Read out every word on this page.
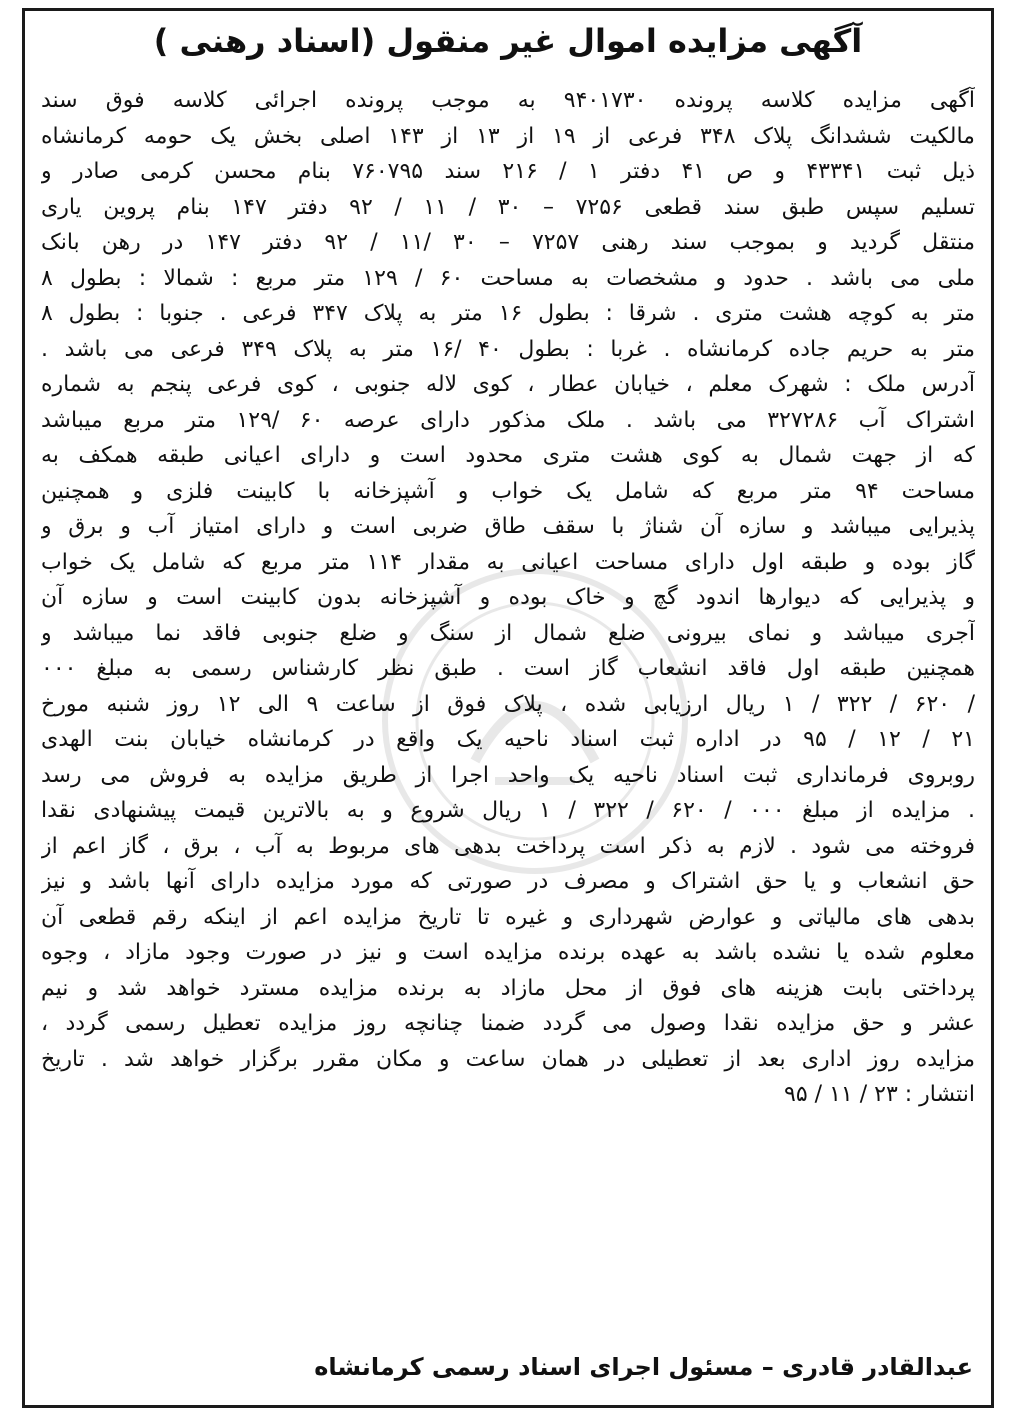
آگهی مزایده اموال غیر منقول (اسناد رهنی )
آگهی مزایده کلاسه پرونده ۹۴۰۱۷۳۰ به موجب پرونده اجرائی کلاسه فوق سند
مالکیت ششدانگ پلاک ۳۴۸ فرعی از ۱۹ از ۱۳ از ۱۴۳ اصلی بخش یک حومه کرمانشاه
ذیل ثبت ۴۳۳۴۱ و ص ۴۱ دفتر ۱ / ۲۱۶ سند ۷۶۰۷۹۵ بنام محسن کرمی صادر و
تسلیم سپس طبق سند قطعی ۷۲۵۶ – ۳۰ / ۱۱ / ۹۲ دفتر ۱۴۷ بنام پروین یاری
منتقل گردید و بموجب سند رهنی ۷۲۵۷ – ۳۰ /۱۱ / ۹۲ دفتر ۱۴۷ در رهن بانک
ملی می باشد . حدود و مشخصات به مساحت ۶۰ / ۱۲۹ متر مربع : شمالا : بطول ۸
متر به کوچه هشت متری . شرقا : بطول ۱۶ متر به پلاک ۳۴۷ فرعی . جنوبا : بطول ۸
متر به حریم جاده کرمانشاه . غربا : بطول ۴۰ /۱۶ متر به پلاک ۳۴۹ فرعی می باشد .
آدرس ملک : شهرک معلم ، خیابان عطار ، کوی لاله جنوبی ، کوی فرعی پنجم به شماره
اشتراک آب ۳۲۷۲۸۶ می باشد . ملک مذکور دارای عرصه ۶۰ /۱۲۹ متر مربع میباشد
که از جهت شمال به کوی هشت متری محدود است و دارای اعیانی طبقه همکف به
مساحت ۹۴ متر مربع که شامل یک خواب و آشپزخانه با کابینت فلزی و همچنین
پذیرایی میباشد و سازه آن شناژ با سقف طاق ضربی است و دارای امتیاز آب و برق و
گاز بوده و طبقه اول دارای مساحت اعیانی به مقدار ۱۱۴ متر مربع که شامل یک خواب
و پذیرایی که دیوارها اندود گچ و خاک بوده و آشپزخانه بدون کابینت است و سازه آن
آجری میباشد و نمای بیرونی ضلع شمال از سنگ و ضلع جنوبی فاقد نما میباشد و
همچنین طبقه اول فاقد انشعاب گاز است . طبق نظر کارشناس رسمی به مبلغ ۰۰۰
/ ۶۲۰ / ۳۲۲ / ۱ ریال ارزیابی شده ، پلاک فوق از ساعت ۹ الی ۱۲ روز شنبه مورخ
۲۱ / ۱۲ / ۹۵ در اداره ثبت اسناد ناحیه یک واقع در کرمانشاه خیابان بنت الهدی
روبروی فرمانداری ثبت اسناد ناحیه یک واحد اجرا از طریق مزایده به فروش می رسد
. مزایده از مبلغ ۰۰۰ / ۶۲۰ / ۳۲۲ / ۱ ریال شروع و به بالاترین قیمت پیشنهادی نقدا
فروخته می شود . لازم به ذکر است پرداخت بدهی های مربوط به آب ، برق ، گاز اعم از
حق انشعاب و یا حق اشتراک و مصرف در صورتی که مورد مزایده دارای آنها باشد و نیز
بدهی های مالیاتی و عوارض شهرداری و غیره تا تاریخ مزایده اعم از اینکه رقم قطعی آن
معلوم شده یا نشده باشد به عهده برنده مزایده است و نیز در صورت وجود مازاد ، وجوه
پرداختی بابت هزینه های فوق از محل مازاد به برنده مزایده مسترد خواهد شد و نیم
عشر و حق مزایده نقدا وصول می گردد ضمنا چنانچه روز مزایده تعطیل رسمی گردد ،
مزایده روز اداری بعد از تعطیلی در همان ساعت و مکان مقرر برگزار خواهد شد . تاریخ
انتشار : ۲۳ / ۱۱ / ۹۵
عبدالقادر قادری – مسئول اجرای اسناد رسمی کرمانشاه
